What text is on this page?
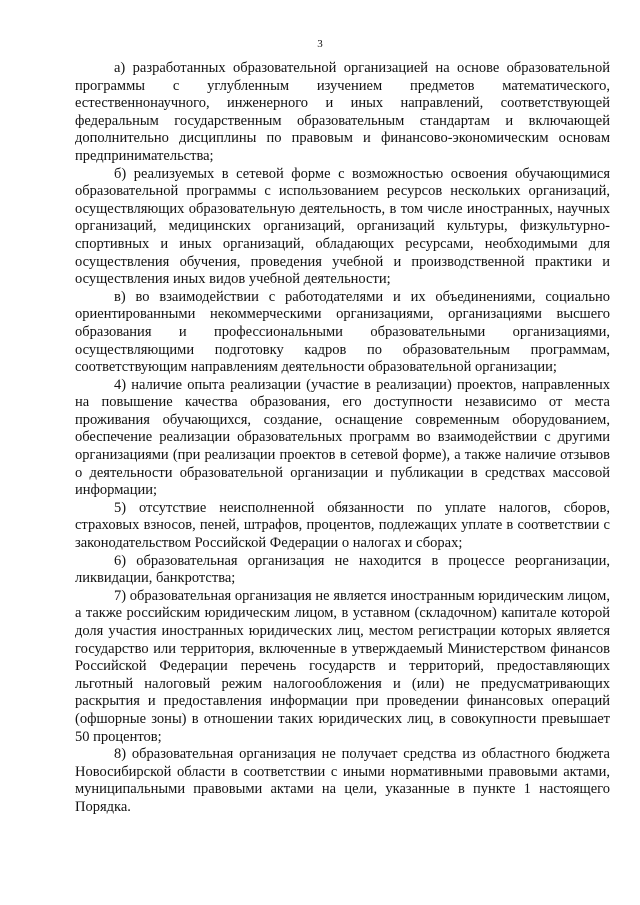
3

а) разработанных образовательной организацией на основе образовательной программы с углубленным изучением предметов математического, естественнонаучного, инженерного и иных направлений, соответствующей федеральным государственным образовательным стандартам и включающей дополнительно дисциплины по правовым и финансово-экономическим основам предпринимательства;

б) реализуемых в сетевой форме с возможностью освоения обучающимися образовательной программы с использованием ресурсов нескольких организаций, осуществляющих образовательную деятельность, в том числе иностранных, научных организаций, медицинских организаций, организаций культуры, физкультурно-спортивных и иных организаций, обладающих ресурсами, необходимыми для осуществления обучения, проведения учебной и производственной практики и осуществления иных видов учебной деятельности;

в) во взаимодействии с работодателями и их объединениями, социально ориентированными некоммерческими организациями, организациями высшего образования и профессиональными образовательными организациями, осуществляющими подготовку кадров по образовательным программам, соответствующим направлениям деятельности образовательной организации;

4) наличие опыта реализации (участие в реализации) проектов, направленных на повышение качества образования, его доступности независимо от места проживания обучающихся, создание, оснащение современным оборудованием, обеспечение реализации образовательных программ во взаимодействии с другими организациями (при реализации проектов в сетевой форме), а также наличие отзывов о деятельности образовательной организации и публикации в средствах массовой информации;

5) отсутствие неисполненной обязанности по уплате налогов, сборов, страховых взносов, пеней, штрафов, процентов, подлежащих уплате в соответствии с законодательством Российской Федерации о налогах и сборах;

6) образовательная организация не находится в процессе реорганизации, ликвидации, банкротства;

7) образовательная организация не является иностранным юридическим лицом, а также российским юридическим лицом, в уставном (складочном) капитале которой доля участия иностранных юридических лиц, местом регистрации которых является государство или территория, включенные в утверждаемый Министерством финансов Российской Федерации перечень государств и территорий, предоставляющих льготный налоговый режим налогообложения и (или) не предусматривающих раскрытия и предоставления информации при проведении финансовых операций (офшорные зоны) в отношении таких юридических лиц, в совокупности превышает 50 процентов;

8) образовательная организация не получает средства из областного бюджета Новосибирской области в соответствии с иными нормативными правовыми актами, муниципальными правовыми актами на цели, указанные в пункте 1 настоящего Порядка.
